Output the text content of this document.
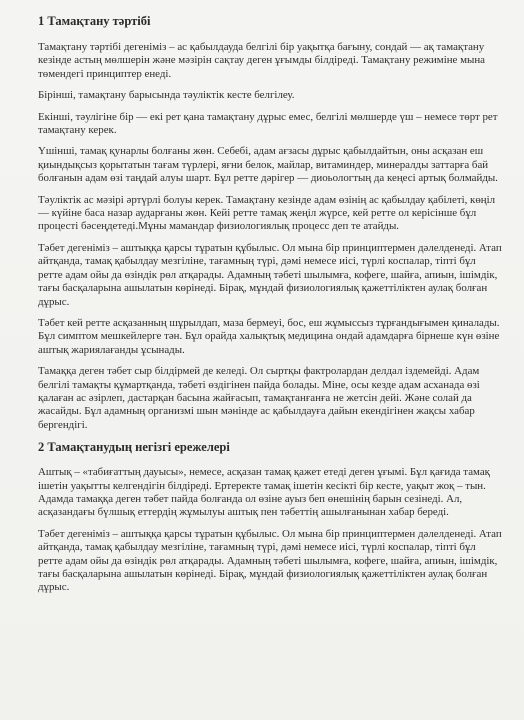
1 Тамақтану тәртібі

Тамақтану тәртібі дегеніміз – ас қабылдауда белгілі бір уақытқа бағыну, сондай — ақ тамақтану кезінде астың мөлшерін және мәзірін сақтау деген ұғымды білдіреді. Тамақтану режиміне мына төмендегі принциптер енеді.

Бірінші, тамақтану барысында тәуліктік кесте белгілеу.

Екінші, тәулігіне бір — екі рет қана тамақтану дұрыс емес, белгілі мөлшерде үш – немесе төрт рет тамақтану керек.

Үшінші, тамақ қунарлы болғаны жөн. Себебі, адам ағзасы дұрыс қабылдайтын, оны асқазан еш қиындықсыз қорытатын тағам түрлері, яғни белок, майлар, витаминдер, минералды заттарға бай болғанын адам өзі таңдай алуы шарт. Бұл ретте дәрігер — диоьологтың да кеңесі артық болмайды.

Тәуліктік ас мәзірі әртүрлі болуы керек. Тамақтану кезінде адам өзінің ас қабылдау қабілеті, көңіл — күйіне баса назар аударғаны жөн. Кейі ретте тамақ жеңіл жүрсе, кей ретте ол керісінше бұл процесті бәсеңдетеді.Мұны мамандар физиологиялық процесс деп те атайды.

Тәбет дегеніміз – аштыққа қарсы тұратын құбылыс. Ол мына бір принциптермен дәлелденеді. Атап айтқанда, тамақ қабылдау мезгіліне, тағамның түрі, дәмі немесе иісі, түрлі коспалар, тіпті бұл ретте адам ойы да өзіндік рөл атқарады. Адамның тәбеті шылымға, кофеге, шайға, апиын, ішімдік, тағы басқаларына ашылатын көрінеді. Бірақ, мұндай физиологиялық қажеттіліктен аулақ болған дұрыс.

Тәбет кей ретте асқазанның шұрылдап, маза бермеуі, бос, еш жұмыссыз тұрғандығымен қиналады. Бұл симптом мешкейлерге тән. Бұл орайда халықтық медицина ондай адамдарға бірнеше күн өзіне аштық жариялағанды ұсынады.

Тамаққа деген тәбет сыр білдірмей де келеді. Ол сыртқы фактролардан делдал іздемейді. Адам белгілі тамақты құмартқанда, тәбеті өздігінен пайда болады. Міне, осы кезде адам асханада өзі қалаған ас әзірлеп, дастарқан басына жайғасып, тамақтанғанға не жетсін дейі. Және солай да жасайды. Бұл адамның организмі шын мәнінде ас қабылдауға дайын екендігінен жақсы хабар бергендігі.

2 Тамақтанудың негізгі ережелері

Аштық – «табиғаттың дауысы», немесе, асқазан тамақ қажет етеді деген ұғымі. Бұл қағида тамақ ішетін уақытты келгендігін білдіреді. Ертеректе тамақ ішетін кесікті бір кесте, уақыт жоқ – тын. Адамда тамаққа деген тәбет пайда болғанда ол өзіне ауыз беп өнешінің барын сезінеді. Ал, асқазандағы бүлшық еттердің жұмылуы аштық пен тәбеттің ашылғанынан хабар береді.

Тәбет дегеніміз – аштыққа қарсы тұратын құбылыс. Ол мына бір принциптермен дәлелденеді. Атап айтқанда, тамақ қабылдау мезгіліне, тағамның түрі, дәмі немесе иісі, түрлі коспалар, тіпті бұл ретте адам ойы да өзіндік рөл атқарады. Адамның тәбеті шылымға, кофеге, шайға, апиын, ішімдік, тағы басқаларына ашылатын көрінеді. Бірақ, мұндай физиологиялық қажеттіліктен аулақ болған дұрыс.
